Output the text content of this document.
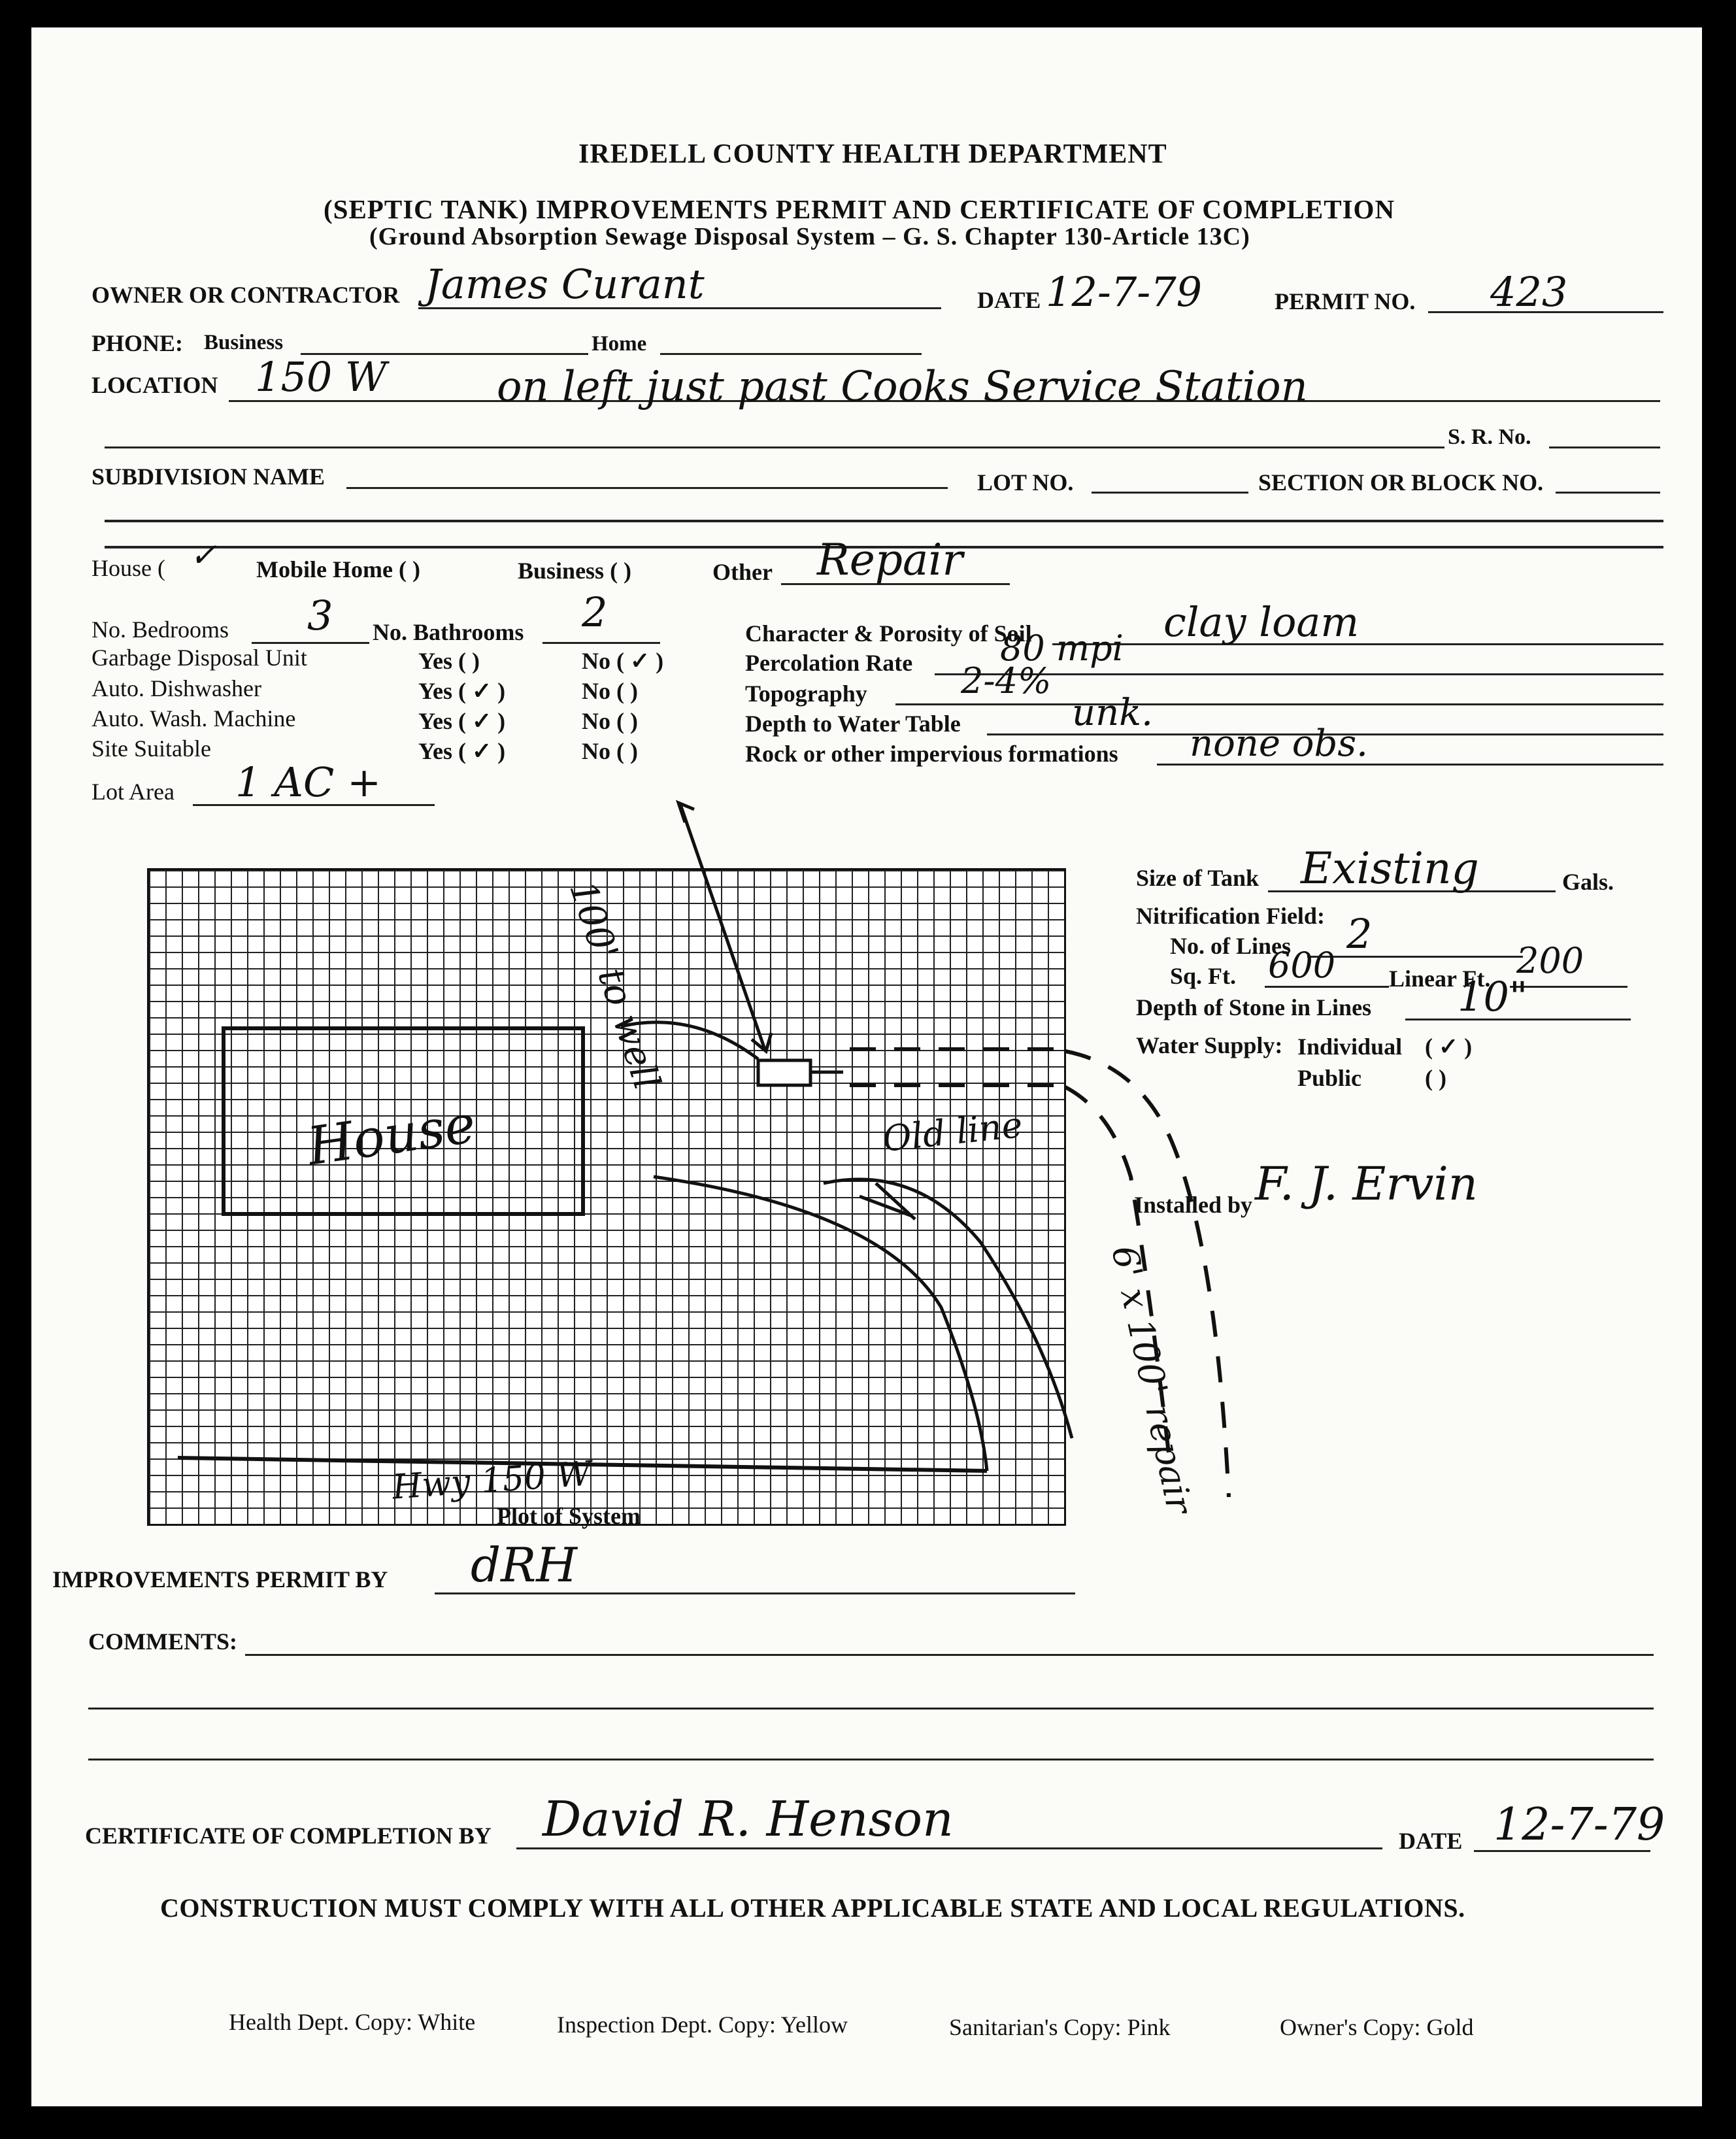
IREDELL COUNTY HEALTH DEPARTMENT
(SEPTIC TANK) IMPROVEMENTS PERMIT AND CERTIFICATE OF COMPLETION
(Ground Absorption Sewage Disposal System – G. S. Chapter 130-Article 13C)
OWNER OR CONTRACTOR James Curant	DATE 12-7-79	PERMIT NO. 423
PHONE: Business	Home
LOCATION 150 W	on left just past Cooks Service Station
S. R. No.
SUBDIVISION NAME	LOT NO.	SECTION OR BLOCK NO.
House ( ✓ Mobile Home ( )	Business ( )	Other Repair
No. Bedrooms 3 No. Bathrooms 2
Garbage Disposal Unit	Yes ( )	No ( ✓ )
Auto. Dishwasher	Yes ( ✓ )	No ( )
Auto. Wash. Machine	Yes ( ✓ )	No ( )
Site Suitable	Yes ( ✓ )	No ( )
Lot Area 1 AC +
Character & Porosity of Soil	clay loam
Percolation Rate 80 mpi
Topography	2-4%
Depth to Water Table	unk.
Rock or other impervious formations none obs.
Size of Tank Existing	Gals.
Nitrification Field:
No. of Lines 2
Sq. Ft. 600 Linear Ft. 200
Depth of Stone in Lines 10"
Water Supply: Individual ( ✓ )
Public	( )
Installed by F. J. Ervin
House
100' to well
Old line
6' x 100' repair
Hwy 150 W
Plot of System
IMPROVEMENTS PERMIT BY dRH
COMMENTS:
CERTIFICATE OF COMPLETION BY David R. Henson	DATE 12-7-79
CONSTRUCTION MUST COMPLY WITH ALL OTHER APPLICABLE STATE AND LOCAL REGULATIONS.
Health Dept. Copy: White	Inspection Dept. Copy: Yellow	Sanitarian's Copy: Pink	Owner's Copy: Gold
